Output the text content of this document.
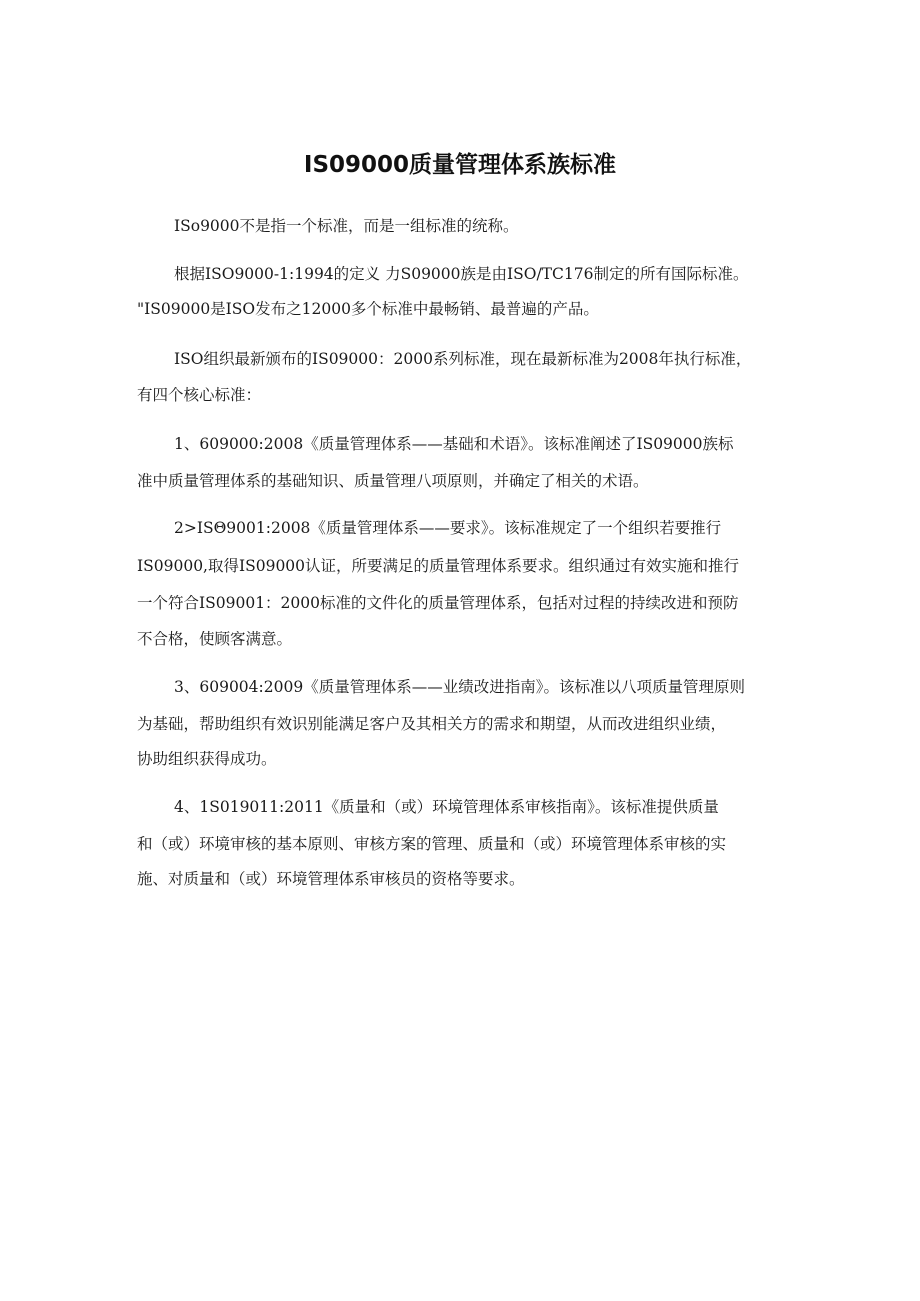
IS09000质量管理体系族标准
ISo9000不是指一个标准，而是一组标准的统称。
根据ISO9000-1:1994的定义 力S09000族是由ISO/TC176制定的所有国际标准。
"IS09000是ISO发布之12000多个标准中最畅销、最普遍的产品。
ISO组织最新颁布的IS09000：2000系列标准，现在最新标准为2008年执行标准，
有四个核心标准：
1、609000:2008《质量管理体系——基础和术语》。该标准阐述了IS09000族标
准中质量管理体系的基础知识、质量管理八项原则，并确定了相关的术语。
2>ISΘ9001:2008《质量管理体系——要求》。该标准规定了一个组织若要推行
IS09000,取得IS09000认证，所要满足的质量管理体系要求。组织通过有效实施和推行
一个符合IS09001：2000标准的文件化的质量管理体系，包括对过程的持续改进和预防
不合格，使顾客满意。
3、609004:2009《质量管理体系——业绩改进指南》。该标准以八项质量管理原则
为基础，帮助组织有效识别能满足客户及其相关方的需求和期望，从而改进组织业绩，
协助组织获得成功。
4、1S019011:2011《质量和（或）环境管理体系审核指南》。该标准提供质量
和（或）环境审核的基本原则、审核方案的管理、质量和（或）环境管理体系审核的实
施、对质量和（或）环境管理体系审核员的资格等要求。
